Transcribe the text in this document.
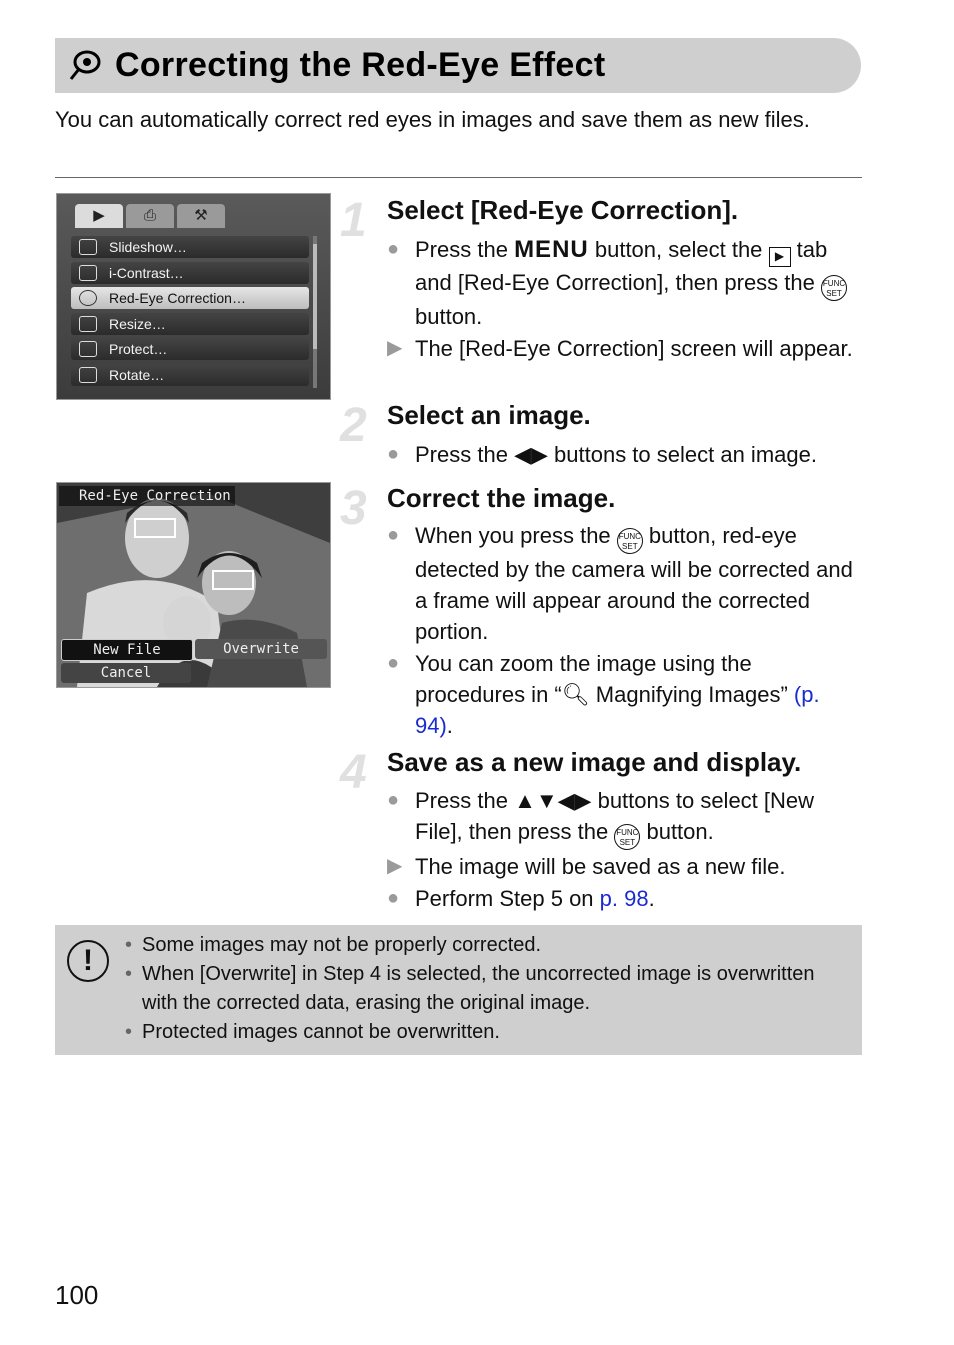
Correcting the Red-Eye Effect
You can automatically correct red eyes in images and save them as new files.
▶	⎙	⚒
Slideshow…
i-Contrast…
Red-Eye Correction…
Resize…
Protect…
Rotate…
Red-Eye Correction
New File	Overwrite
Cancel
1 Select [Red-Eye Correction].
● Press the MENU button, select the ▶ tab and [Red-Eye Correction], then press the FUNC
SET button.
▶ The [Red-Eye Correction] screen will appear.
2 Select an image.
● Press the ◀▶ buttons to select an image.
3 Correct the image.
● When you press the FUNC
SET button, red-eye detected by the camera will be corrected and a frame will appear around the corrected portion.
● You can zoom the image using the procedures in “🔍︎ Magnifying Images” (p. 94).
4 Save as a new image and display.
● Press the ▲▼◀▶ buttons to select [New File], then press the FUNC
SET button.
▶ The image will be saved as a new file.
● Perform Step 5 on p. 98.
!	• Some images may not be properly corrected.
• When [Overwrite] in Step 4 is selected, the uncorrected image is overwritten with the corrected data, erasing the original image.
• Protected images cannot be overwritten.
100
